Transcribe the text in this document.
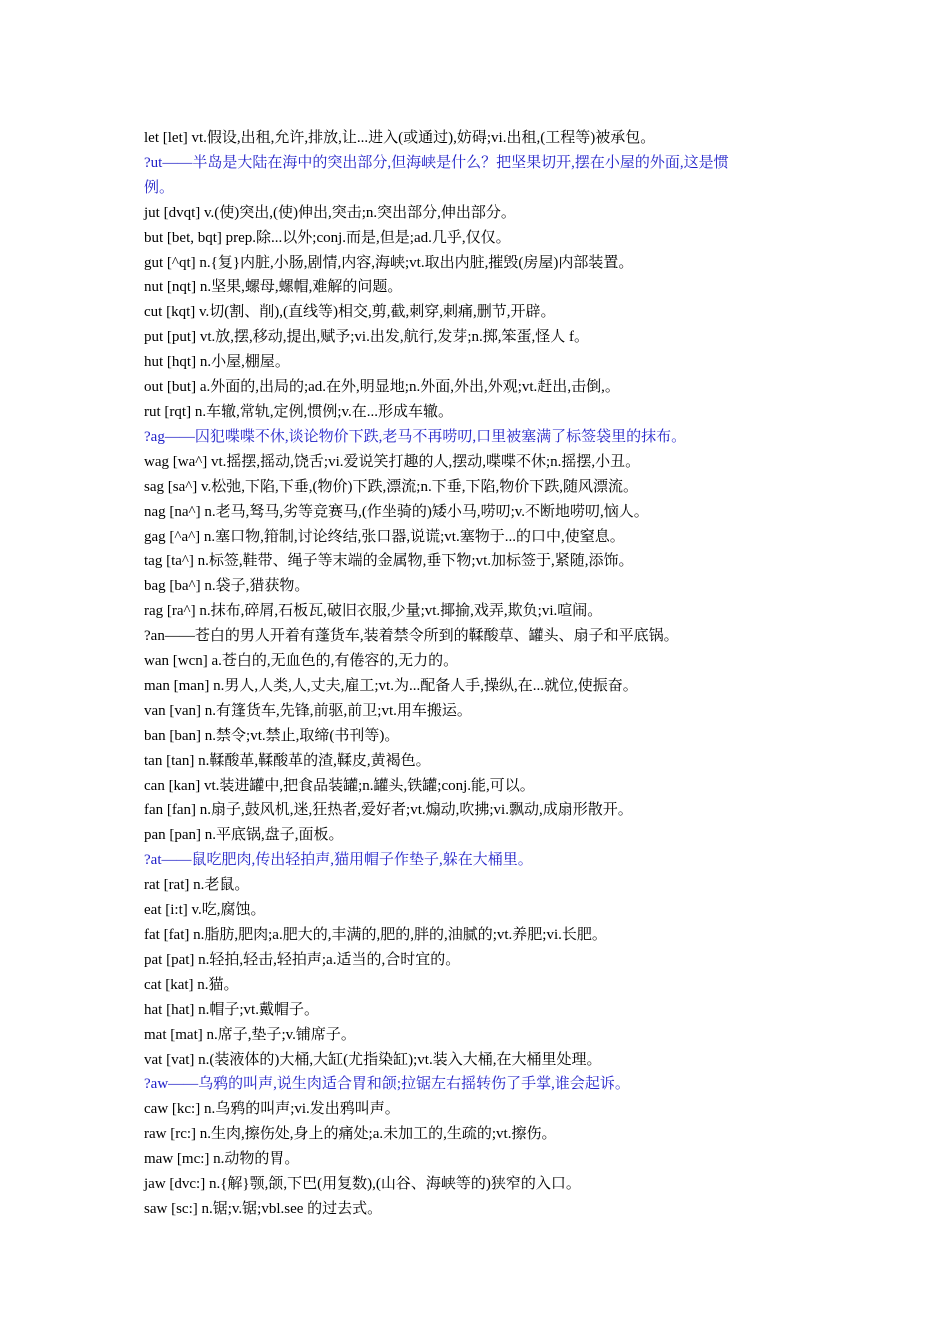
let [let] vt.假设,出租,允许,排放,让...进入(或通过),妨碍;vi.出租,(工程等)被承包。
?ut——半岛是大陆在海中的突出部分,但海峡是什么？把坚果切开,摆在小屋的外面,这是惯
例。
jut [dvqt] v.(使)突出,(使)伸出,突击;n.突出部分,伸出部分。
but [bet, bqt] prep.除...以外;conj.而是,但是;ad.几乎,仅仅。
gut [^qt] n.{复}内脏,小肠,剧情,内容,海峡;vt.取出内脏,摧毁(房屋)内部装置。
nut [nqt] n.坚果,螺母,螺帽,难解的问题。
cut [kqt] v.切(割、削),(直线等)相交,剪,截,刺穿,刺痛,删节,开辟。
put [put] vt.放,摆,移动,提出,赋予;vi.出发,航行,发芽;n.掷,笨蛋,怪人 f。
hut [hqt] n.小屋,棚屋。
out [but] a.外面的,出局的;ad.在外,明显地;n.外面,外出,外观;vt.赶出,击倒,。
rut [rqt] n.车辙,常轨,定例,惯例;v.在...形成车辙。
?ag——囚犯喋喋不休,谈论物价下跌,老马不再唠叨,口里被塞满了标签袋里的抹布。
wag [wa^] vt.摇摆,摇动,饶舌;vi.爱说笑打趣的人,摆动,喋喋不休;n.摇摆,小丑。
sag [sa^] v.松弛,下陷,下垂,(物价)下跌,漂流;n.下垂,下陷,物价下跌,随风漂流。
nag [na^] n.老马,驽马,劣等竞赛马,(作坐骑的)矮小马,唠叨;v.不断地唠叨,恼人。
gag [^a^] n.塞口物,箝制,讨论终结,张口器,说谎;vt.塞物于...的口中,使窒息。
tag [ta^] n.标签,鞋带、绳子等末端的金属物,垂下物;vt.加标签于,紧随,添饰。
bag [ba^] n.袋子,猎获物。
rag [ra^] n.抹布,碎屑,石板瓦,破旧衣服,少量;vt.揶揄,戏弄,欺负;vi.喧闹。
?an——苍白的男人开着有蓬货车,装着禁令所到的鞣酸草、罐头、扇子和平底锅。
wan [wcn] a.苍白的,无血色的,有倦容的,无力的。
man [man] n.男人,人类,人,丈夫,雇工;vt.为...配备人手,操纵,在...就位,使振奋。
van [van] n.有篷货车,先锋,前驱,前卫;vt.用车搬运。
ban [ban] n.禁令;vt.禁止,取缔(书刊等)。
tan [tan] n.鞣酸革,鞣酸革的渣,鞣皮,黄褐色。
can [kan] vt.装进罐中,把食品装罐;n.罐头,铁罐;conj.能,可以。
fan [fan] n.扇子,鼓风机,迷,狂热者,爱好者;vt.煽动,吹拂;vi.飘动,成扇形散开。
pan [pan] n.平底锅,盘子,面板。
?at——鼠吃肥肉,传出轻拍声,猫用帽子作垫子,躲在大桶里。
rat [rat] n.老鼠。
eat [i:t] v.吃,腐蚀。
fat [fat] n.脂肪,肥肉;a.肥大的,丰满的,肥的,胖的,油腻的;vt.养肥;vi.长肥。
pat [pat] n.轻拍,轻击,轻拍声;a.适当的,合时宜的。
cat [kat] n.猫。
hat [hat] n.帽子;vt.戴帽子。
mat [mat] n.席子,垫子;v.铺席子。
vat [vat] n.(装液体的)大桶,大缸(尤指染缸);vt.装入大桶,在大桶里处理。
?aw——乌鸦的叫声,说生肉适合胃和颌;拉锯左右摇转伤了手掌,谁会起诉。
caw [kc:] n.乌鸦的叫声;vi.发出鸦叫声。
raw [rc:] n.生肉,擦伤处,身上的痛处;a.未加工的,生疏的;vt.擦伤。
maw [mc:] n.动物的胃。
jaw [dvc:] n.{解}颚,颌,下巴(用复数),(山谷、海峡等的)狭窄的入口。
saw [sc:] n.锯;v.锯;vbl.see 的过去式。
